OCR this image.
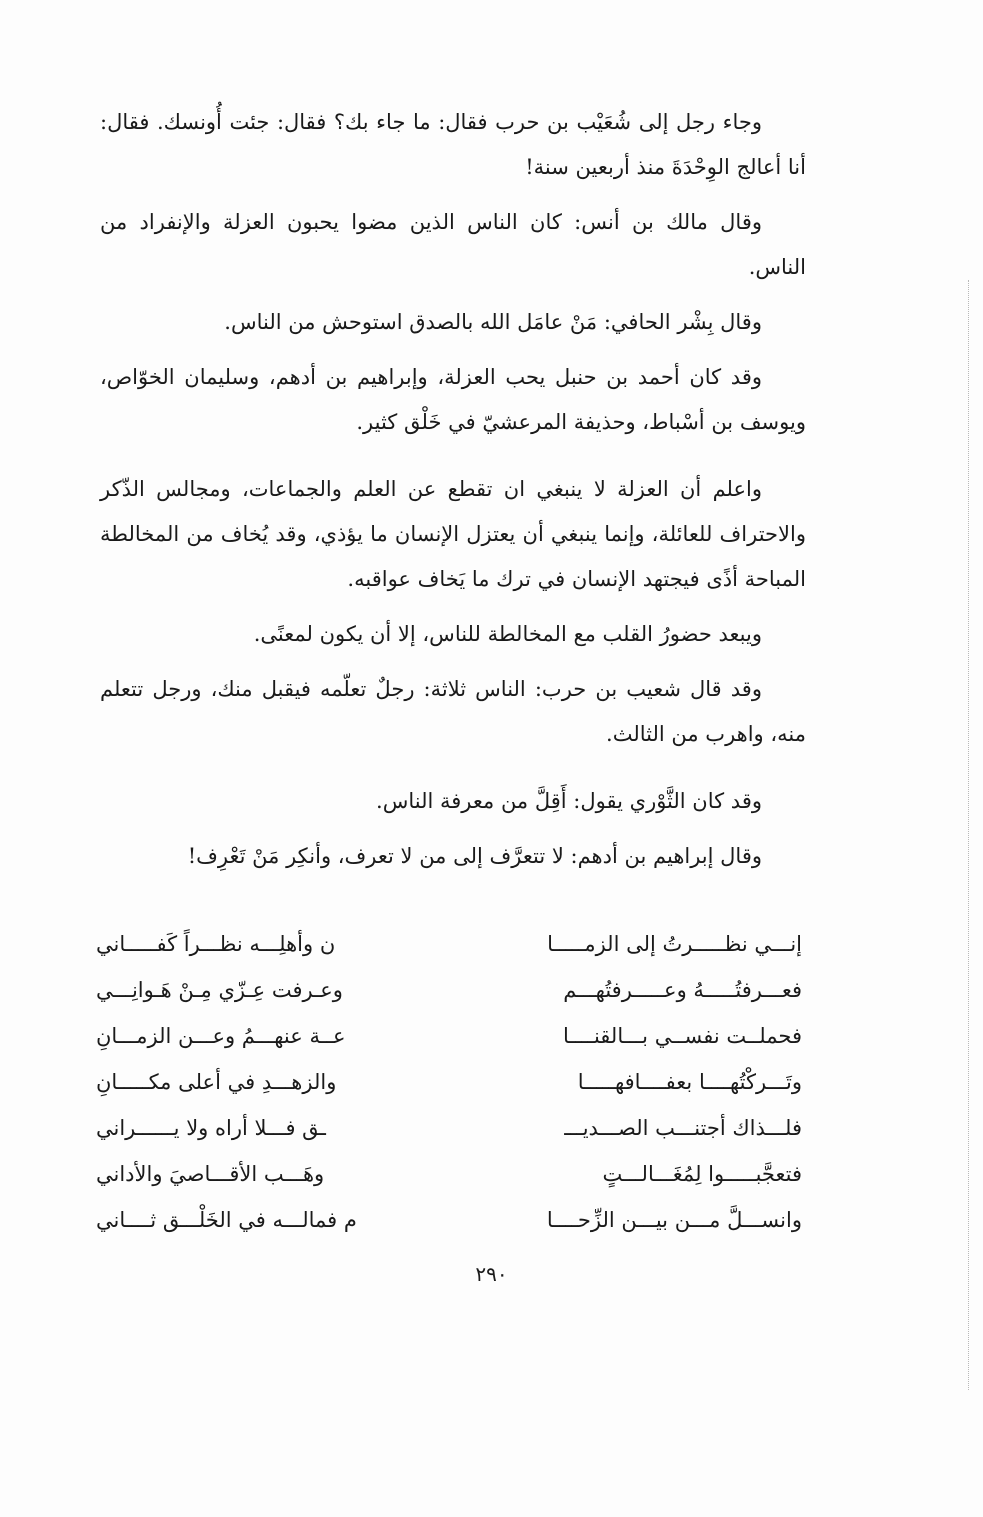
وجاء رجل إلى شُعَيْب بن حرب فقال: ما جاء بك؟ فقال: جئت أُونسك. فقال: أنا أعالج الوِحْدَةَ منذ أربعين سنة!

وقال مالك بن أنس: كان الناس الذين مضوا يحبون العزلة والإنفراد من الناس.

وقال بِشْر الحافي: مَنْ عامَل الله بالصدق استوحش من الناس.

وقد كان أحمد بن حنبل يحب العزلة، وإبراهيم بن أدهم، وسليمان الخوّاص، ويوسف بن أسْباط، وحذيفة المرعشيّ في خَلْق كثير.

واعلم أن العزلة لا ينبغي ان تقطع عن العلم والجماعات، ومجالس الذّكر والاحتراف للعائلة، وإنما ينبغي أن يعتزل الإنسان ما يؤذي، وقد يُخاف من المخالطة المباحة أذًى فيجتهد الإنسان في ترك ما يَخاف عواقبه.

ويبعد حضورُ القلب مع المخالطة للناس، إلا أن يكون لمعنًى.

وقد قال شعيب بن حرب: الناس ثلاثة: رجلٌ تعلّمه فيقبل منك، ورجل تتعلم منه، واهرب من الثالث.

وقد كان الثَّوْري يقول: أَقِلَّ من معرفة الناس.

وقال إبراهيم بن أدهم: لا تتعرَّف إلى من لا تعرف، وأنكِر مَنْ تَعْرِف!

إنـــي نظـــــرتُ إلى الزمـــــا
ن وأهلِـــه نظـــراً كَفـــــاني
فعـــرفتُـــــهُ وعـــــرفتُهـــم
وعـرفت عِـزّي مِـنْ هَـوانِـــي
فحملــت نفســي بـــالقنــــا
عــة عنهـــمُ وعـــن الزمـــانِ
وتَـــركْتُهــــا بعفــــافهـــــا
والزهـــدِ في أعلى مكـــــانِ
فلـــذاك أجتنـــب الصـــديـــ
ـق فـــلا أراه ولا يــــــراني
فتعجَّبـــــوا لِمُغَـــالـــتٍ
وهَـــب الأقـــاصيَ والأداني
وانســـلَّ مـــن بيـــن الزِّحــــا
م فمالـــه في الخَلْـــق ثــــاني
٢٩٠
